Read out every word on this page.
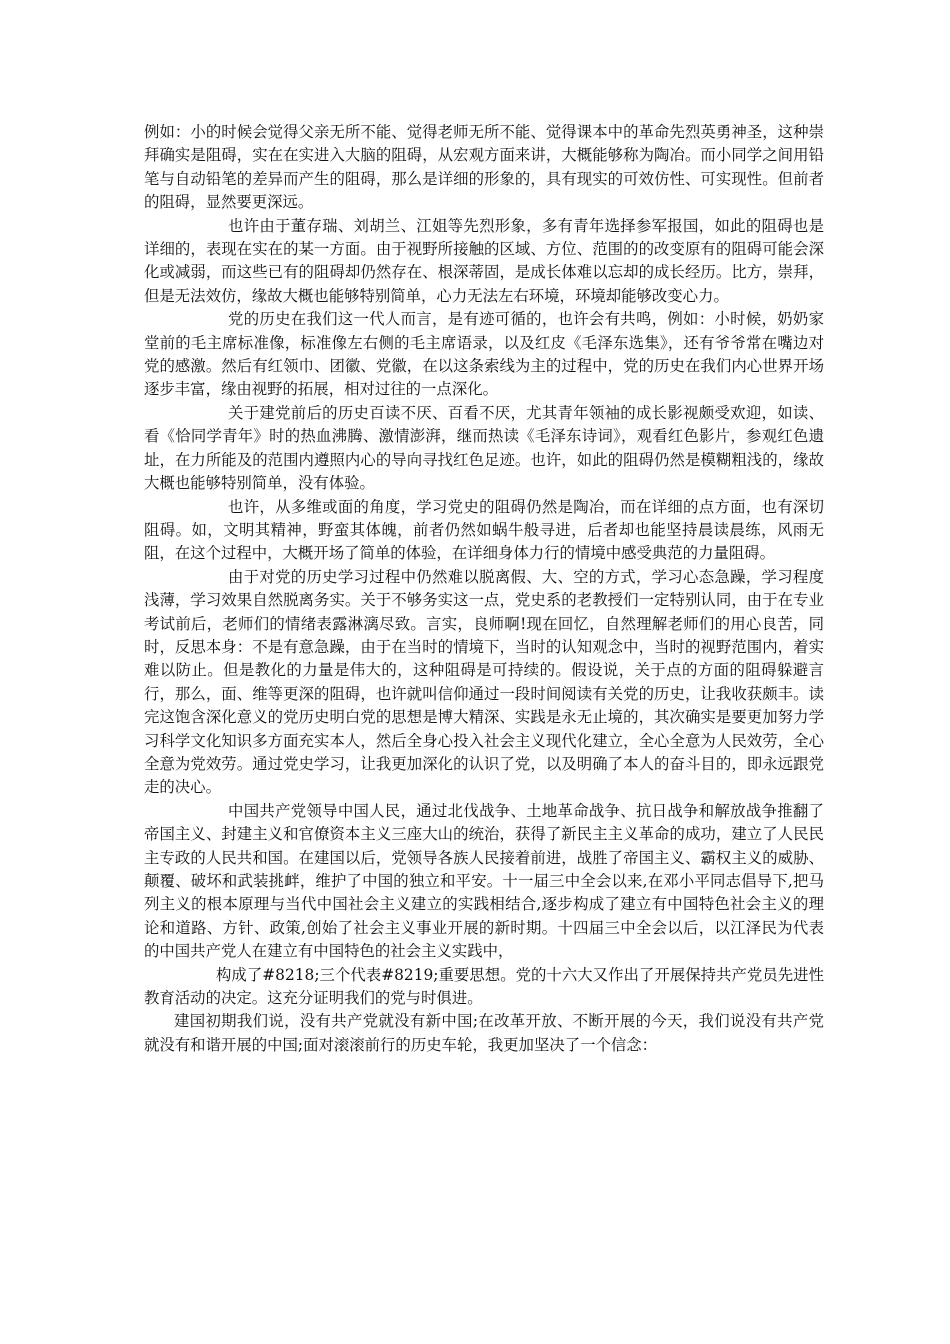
例如：小的时候会觉得父亲无所不能、觉得老师无所不能、觉得课本中的革命先烈英勇神圣，这种崇拜确实是阻碍，实在在实进入大脑的阻碍，从宏观方面来讲，大概能够称为陶冶。而小同学之间用铅笔与自动铅笔的差异而产生的阻碍，那么是详细的形象的，具有现实的可效仿性、可实现性。但前者的阻碍，显然要更深远。

也许由于董存瑞、刘胡兰、江姐等先烈形象，多有青年选择参军报国，如此的阻碍也是详细的，表现在实在的某一方面。由于视野所接触的区域、方位、范围的的改变原有的阻碍可能会深化或减弱，而这些已有的阻碍却仍然存在、根深蒂固，是成长体难以忘却的成长经历。比方，崇拜，但是无法效仿，缘故大概也能够特别简单，心力无法左右环境，环境却能够改变心力。

党的历史在我们这一代人而言，是有迹可循的，也许会有共鸣，例如：小时候，奶奶家堂前的毛主席标准像，标准像左右侧的毛主席语录，以及红皮《毛泽东选集》，还有爷爷常在嘴边对党的感激。然后有红领巾、团徽、党徽，在以这条索线为主的过程中，党的历史在我们内心世界开场逐步丰富，缘由视野的拓展，相对过往的一点深化。

关于建党前后的历史百读不厌、百看不厌，尤其青年领袖的成长影视颇受欢迎，如读、看《恰同学青年》时的热血沸腾、激情澎湃，继而热读《毛泽东诗词》，观看红色影片，参观红色遗址，在力所能及的范围内遵照内心的导向寻找红色足迹。也许，如此的阻碍仍然是模糊粗浅的，缘故大概也能够特别简单，没有体验。

也许，从多维或面的角度，学习党史的阻碍仍然是陶冶，而在详细的点方面，也有深切阻碍。如，文明其精神，野蛮其体魄，前者仍然如蜗牛般寻进，后者却也能坚持晨读晨练，风雨无阻，在这个过程中，大概开场了简单的体验，在详细身体力行的情境中感受典范的力量阻碍。

由于对党的历史学习过程中仍然难以脱离假、大、空的方式，学习心态急躁，学习程度浅薄，学习效果自然脱离务实。关于不够务实这一点，党史系的老教授们一定特别认同，由于在专业考试前后，老师们的情绪表露淋漓尽致。言实，良师啊!现在回忆，自然理解老师们的用心良苦，同时，反思本身：不是有意急躁，由于在当时的情境下，当时的认知观念中，当时的视野范围内，着实难以防止。但是教化的力量是伟大的，这种阻碍是可持续的。假设说，关于点的方面的阻碍躲避言行，那么，面、维等更深的阻碍，也许就叫信仰通过一段时间阅读有关党的历史，让我收获颇丰。读完这饱含深化意义的党历史明白党的思想是博大精深、实践是永无止境的，其次确实是要更加努力学习科学文化知识多方面充实本人，然后全身心投入社会主义现代化建立，全心全意为人民效劳，全心全意为党效劳。通过党史学习，让我更加深化的认识了党，以及明确了本人的奋斗目的，即永远跟党走的决心。

中国共产党领导中国人民，通过北伐战争、土地革命战争、抗日战争和解放战争推翻了帝国主义、封建主义和官僚资本主义三座大山的统治，获得了新民主主义革命的成功，建立了人民民主专政的人民共和国。在建国以后，党领导各族人民接着前进，战胜了帝国主义、霸权主义的威胁、颠覆、破坏和武装挑衅，维护了中国的独立和平安。十一届三中全会以来,在邓小平同志倡导下,把马列主义的根本原理与当代中国社会主义建立的实践相结合,逐步构成了建立有中国特色社会主义的理论和道路、方针、政策,创始了社会主义事业开展的新时期。十四届三中全会以后，以江泽民为代表的中国共产党人在建立有中国特色的社会主义实践中，

构成了#8218;三个代表#8219;重要思想。党的十六大又作出了开展保持共产党员先进性教育活动的决定。这充分证明我们的党与时俱进。

建国初期我们说，没有共产党就没有新中国;在改革开放、不断开展的今天，我们说没有共产党就没有和谐开展的中国;面对滚滚前行的历史车轮，我更加坚决了一个信念：
